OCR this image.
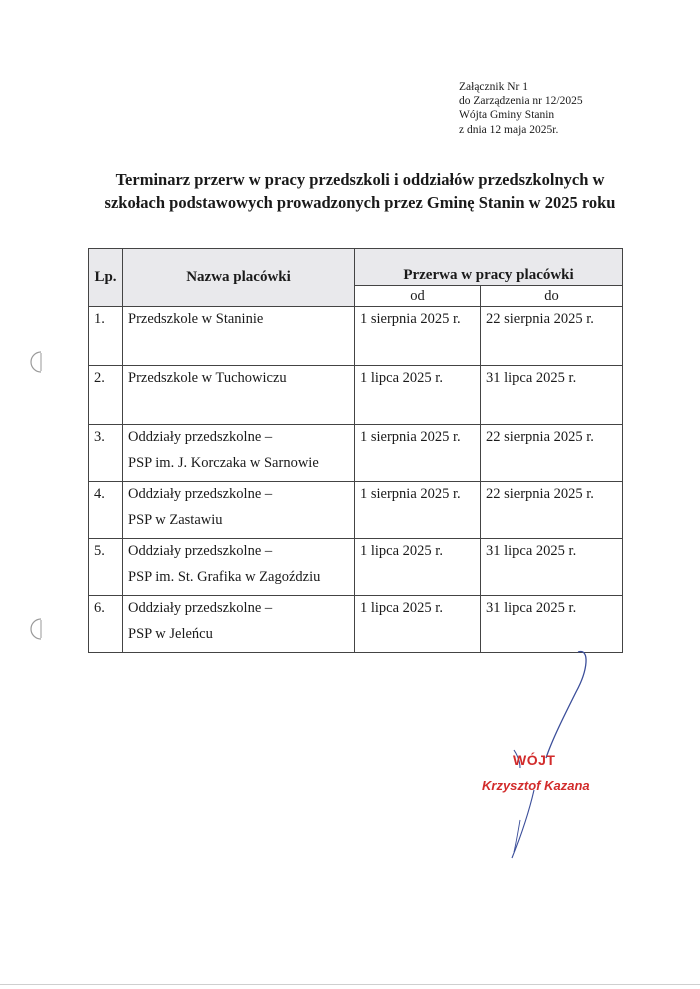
Załącznik Nr 1
do Zarządzenia nr 12/2025
Wójta Gminy Stanin
z dnia 12 maja 2025r.
Terminarz przerw w pracy przedszkoli i oddziałów przedszkolnych w
szkołach podstawowych prowadzonych przez Gminę Stanin w 2025 roku
Lp.	Nazwa placówki	Przerwa w pracy placówki	
		od	do

1.	Przedszkole w Staninie	1 sierpnia 2025 r.	22 sierpnia 2025 r.

2.	Przedszkole w Tuchowiczu	1 lipca 2025 r.	31 lipca 2025 r.

3.	Oddziały przedszkolne –
PSP im. J. Korczaka w Sarnowie	1 sierpnia 2025 r.	22 sierpnia 2025 r.

4.	Oddziały przedszkolne –
PSP w Zastawiu	1 sierpnia 2025 r.	22 sierpnia 2025 r.

5.	Oddziały przedszkolne –
PSP im. St. Grafika w Zagoździu	1 lipca 2025 r.	31 lipca 2025 r.

6.	Oddziały przedszkolne –
PSP w Jeleńcu	1 lipca 2025 r.	31 lipca 2025 r.
WÓJT
Krzysztof Kazana
